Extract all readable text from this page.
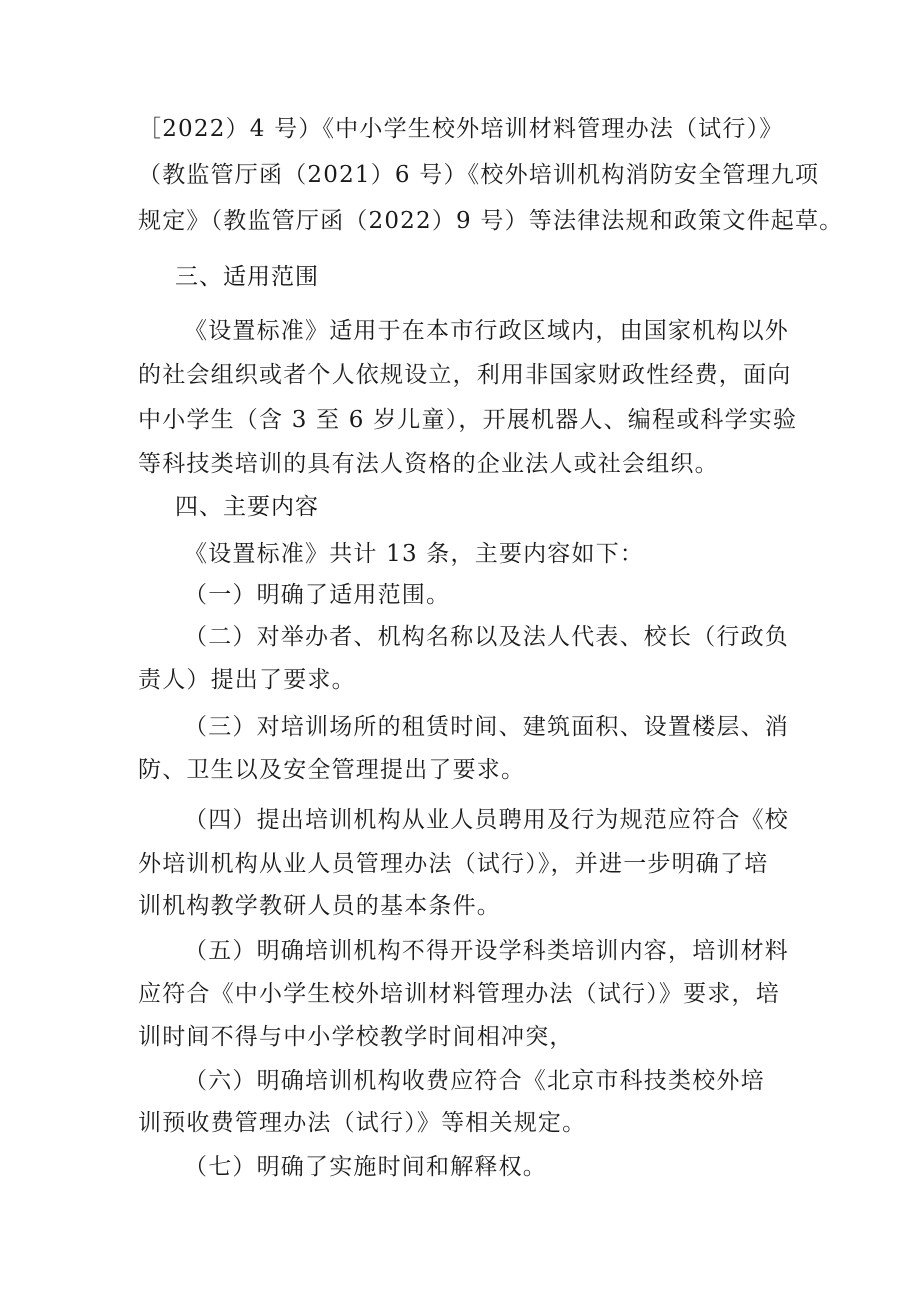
［2022）4 号）《中小学生校外培训材料管理办法（试行）》
（教监管厅函（2021）6 号）《校外培训机构消防安全管理九项
规定》（教监管厅函（2022）9 号）等法律法规和政策文件起草。
三、适用范围
《设置标准》适用于在本市行政区域内，由国家机构以外
的社会组织或者个人依规设立，利用非国家财政性经费，面向
中小学生（含 3 至 6 岁儿童），开展机器人、编程或科学实验
等科技类培训的具有法人资格的企业法人或社会组织。
四、主要内容
《设置标准》共计 13 条，主要内容如下：
（一）明确了适用范围。
（二）对举办者、机构名称以及法人代表、校长（行政负
责人）提出了要求。
（三）对培训场所的租赁时间、建筑面积、设置楼层、消
防、卫生以及安全管理提出了要求。
（四）提出培训机构从业人员聘用及行为规范应符合《校
外培训机构从业人员管理办法（试行）》，并进一步明确了培
训机构教学教研人员的基本条件。
（五）明确培训机构不得开设学科类培训内容，培训材料
应符合《中小学生校外培训材料管理办法（试行）》要求，培
训时间不得与中小学校教学时间相冲突，
（六）明确培训机构收费应符合《北京市科技类校外培
训预收费管理办法（试行）》等相关规定。
（七）明确了实施时间和解释权。
